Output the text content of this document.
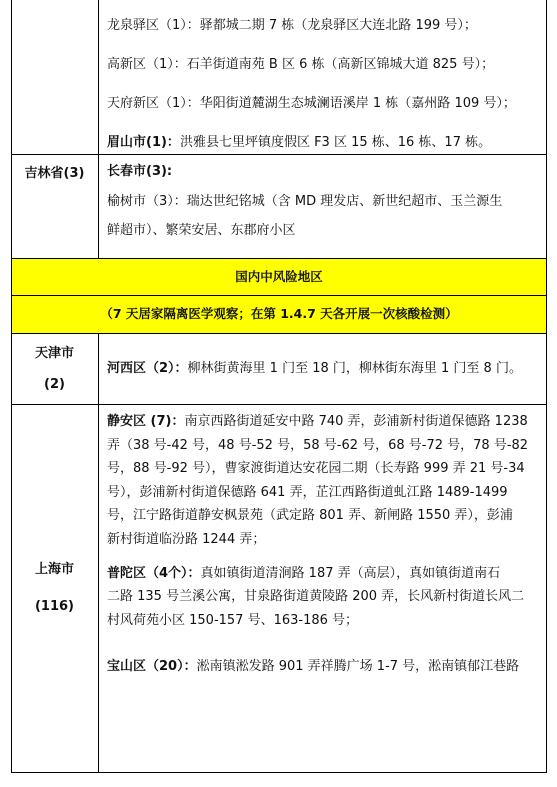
龙泉驿区（1）：驿都城二期 7 栋（龙泉驿区大连北路 199 号）；
高新区（1）：石羊街道南苑 B 区 6 栋（高新区锦城大道 825 号）；
天府新区（1）：华阳街道麓湖生态城澜语溪岸 1 栋（嘉州路 109 号）；
眉山市(1)：洪雅县七里坪镇度假区 F3 区 15 栋、16 栋、17 栋。
吉林省(3)	长春市(3):
榆树市（3）：瑞达世纪铭城（含 MD 理发店、新世纪超市、玉兰源生
鲜超市）、繁荣安居、东郡府小区
国内中风险地区
（7 天居家隔离医学观察；在第 1.4.7 天各开展一次核酸检测）
天津市
(2)
河西区（2）：柳林街黄海里 1 门至 18 门，柳林街东海里 1 门至 8 门。
上海市
(116)
静安区 (7)：南京西路街道延安中路 740 弄，彭浦新村街道保德路 1238
弄（38 号-42 号，48 号-52 号，58 号-62 号，68 号-72 号，78 号-82
号，88 号-92 号），曹家渡街道达安花园二期（长寿路 999 弄 21 号-34
号），彭浦新村街道保德路 641 弄，芷江西路街道虬江路 1489-1499
号，江宁路街道静安枫景苑（武定路 801 弄、新闸路 1550 弄），彭浦
新村街道临汾路 1244 弄；
普陀区（4个）：真如镇街道清涧路 187 弄（高层），真如镇街道南石
二路 135 号兰溪公寓，甘泉路街道黄陵路 200 弄，长风新村街道长风二
村风荷苑小区 150-157 号、163-186 号；
宝山区（20）：淞南镇淞发路 901 弄祥腾广场 1-7 号，淞南镇郁江巷路
